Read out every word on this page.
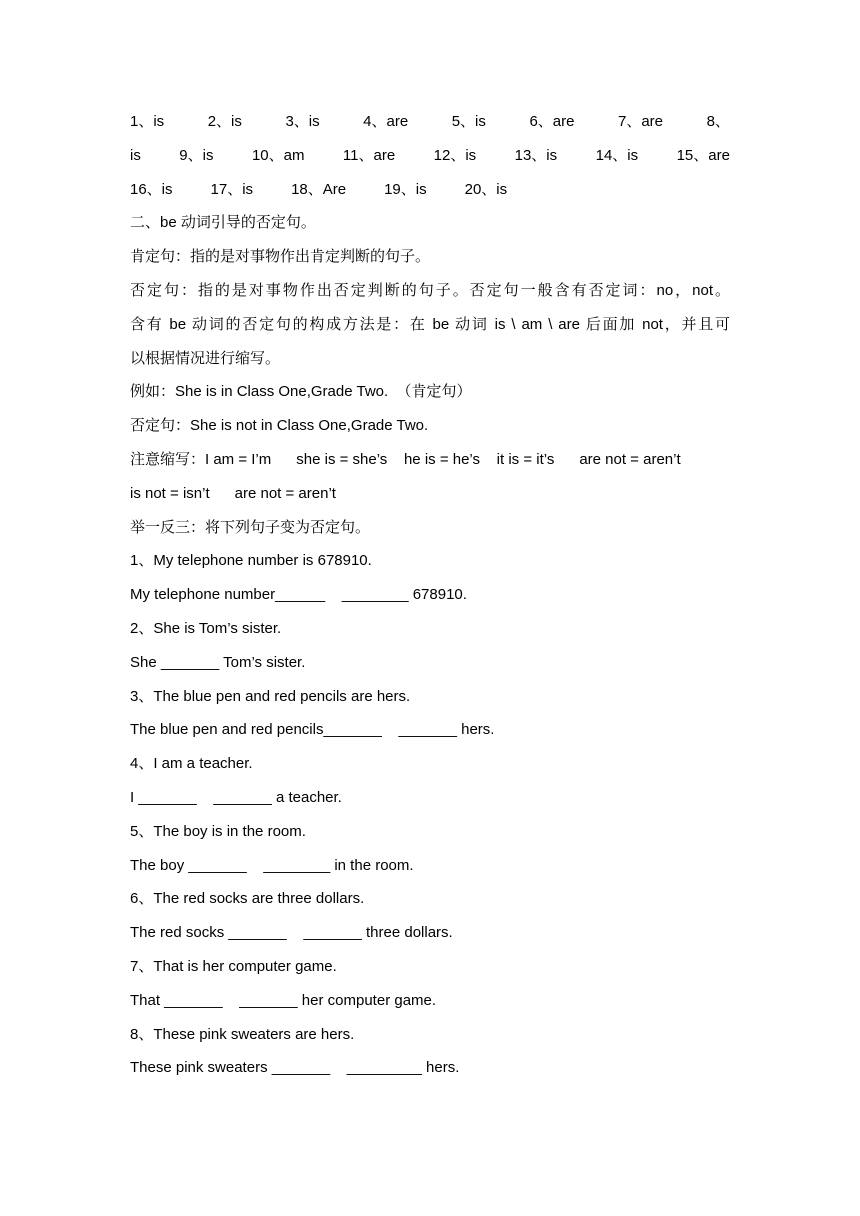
1、is	2、is	3、is	4、are	5、is	6、are	7、are	8、
is	9、is	10、am	11、are	12、is	13、is	14、is	15、are
16、is	17、is	18、Are	19、is	20、is
二、be 动词引导的否定句。
肯定句：指的是对事物作出肯定判断的句子。
否定句：指的是对事物作出否定判断的句子。否定句一般含有否定词：no，not。
含有 be 动词的否定句的构成方法是：在 be 动词 is \ am \ are 后面加 not，并且可
以根据情况进行缩写。
例如：She is in Class One,Grade Two.  （肯定句）
否定句：She is not in Class One,Grade Two.
注意缩写：I am = I’m      she is = she’s    he is = he’s    it is = it’s      are not = aren’t
is not = isn’t      are not = aren’t
举一反三：将下列句子变为否定句。
1、My telephone number is 678910.
My telephone number______    ________ 678910.
2、She is Tom’s sister.
She _______ Tom’s sister.
3、The blue pen and red pencils are hers.
The blue pen and red pencils_______    _______ hers.
4、I am a teacher.
I _______    _______ a teacher.
5、The boy is in the room.
The boy _______    ________ in the room.
6、The red socks are three dollars.
The red socks _______    _______ three dollars.
7、That is her computer game.
That _______    _______ her computer game.
8、These pink sweaters are hers.
These pink sweaters _______    _________ hers.
